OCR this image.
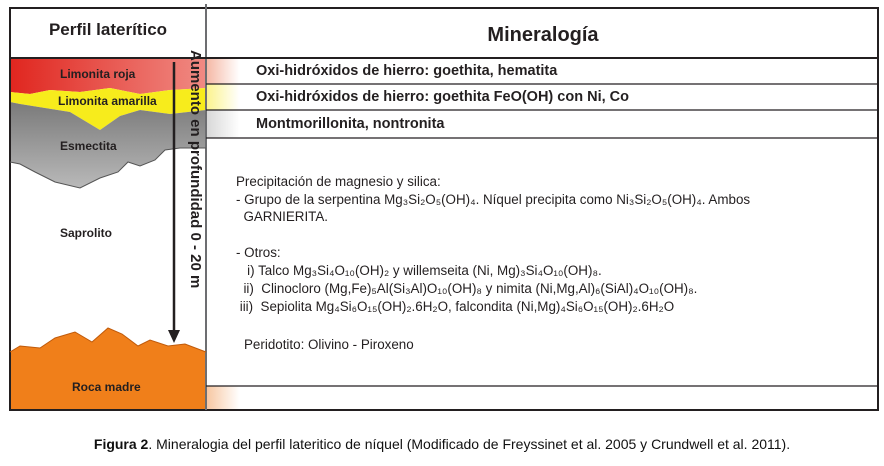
Perfil laterítico	Mineralogía
Limonita roja
Limonita amarilla
Esmectita
Saprolito
Roca madre
Aumento en profundidad 0 - 20 m	Oxi-hidróxidos de hierro: goethita, hematita
Oxi-hidróxidos de hierro: goethita FeO(OH) con Ni, Co
Montmorillonita, nontronita
Precipitación de magnesio y silica:
- Grupo de la serpentina Mg₃Si₂O₅(OH)₄. Níquel precipita como Ni₃Si₂O₅(OH)₄. Ambos
GARNIERITA.
- Otros:
i) Talco Mg₃Si₄O₁₀(OH)₂ y willemseita (Ni, Mg)₃Si₄O₁₀(OH)₈.
ii)  Clinocloro (Mg,Fe)₅Al(Si₃Al)O₁₀(OH)₈ y nimita (Ni,Mg,Al)₆(SiAl)₄O₁₀(OH)₈.
iii)  Sepiolita Mg₄Si₆O₁₅(OH)₂.6H₂O, falcondita (Ni,Mg)₄Si₆O₁₅(OH)₂.6H₂O
Peridotito: Olivino - Piroxeno
Figura 2. Mineralogia del perfil lateritico de níquel (Modificado de Freyssinet et al. 2005 y Crundwell et al. 2011).
